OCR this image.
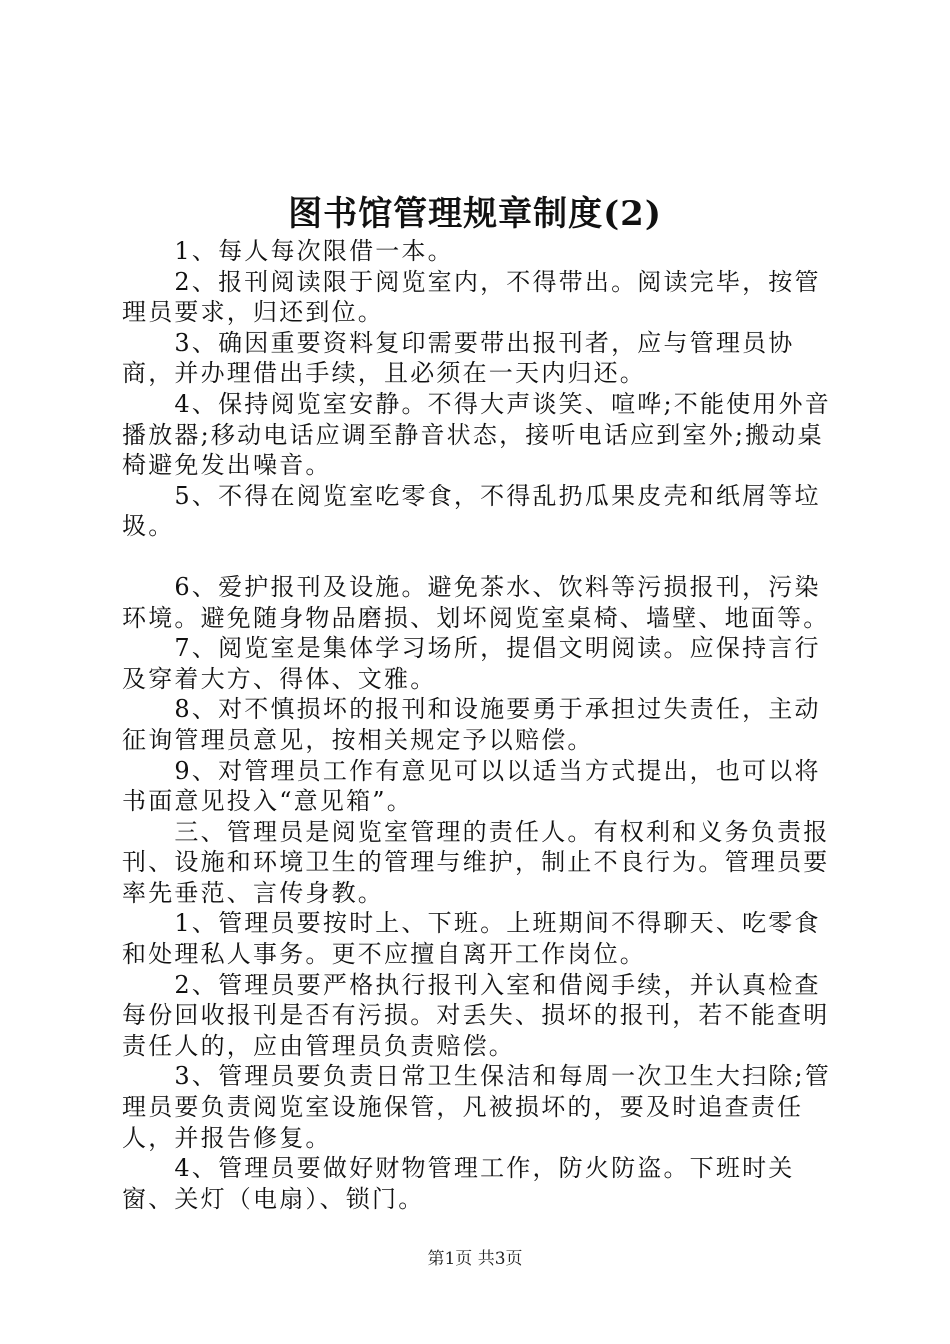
图书馆管理规章制度(2)

　　1、每人每次限借一本。

　　2、报刊阅读限于阅览室内，不得带出。阅读完毕，按管理员要求，归还到位。

　　3、确因重要资料复印需要带出报刊者，应与管理员协商，并办理借出手续，且必须在一天内归还。

　　4、保持阅览室安静。不得大声谈笑、喧哗;不能使用外音播放器;移动电话应调至静音状态，接听电话应到室外;搬动桌椅避免发出噪音。

　　5、不得在阅览室吃零食，不得乱扔瓜果皮壳和纸屑等垃圾。

　　6、爱护报刊及设施。避免茶水、饮料等污损报刊，污染环境。避免随身物品磨损、划坏阅览室桌椅、墙壁、地面等。

　　7、阅览室是集体学习场所，提倡文明阅读。应保持言行及穿着大方、得体、文雅。

　　8、对不慎损坏的报刊和设施要勇于承担过失责任，主动征询管理员意见，按相关规定予以赔偿。

　　9、对管理员工作有意见可以以适当方式提出，也可以将书面意见投入“意见箱”。

　　三、管理员是阅览室管理的责任人。有权利和义务负责报刊、设施和环境卫生的管理与维护，制止不良行为。管理员要率先垂范、言传身教。

　　1、管理员要按时上、下班。上班期间不得聊天、吃零食和处理私人事务。更不应擅自离开工作岗位。

　　2、管理员要严格执行报刊入室和借阅手续，并认真检查每份回收报刊是否有污损。对丢失、损坏的报刊，若不能查明责任人的，应由管理员负责赔偿。

　　3、管理员要负责日常卫生保洁和每周一次卫生大扫除;管理员要负责阅览室设施保管，凡被损坏的，要及时追查责任人，并报告修复。

　　4、管理员要做好财物管理工作，防火防盗。下班时关窗、关灯（电扇）、锁门。

第1页 共3页
